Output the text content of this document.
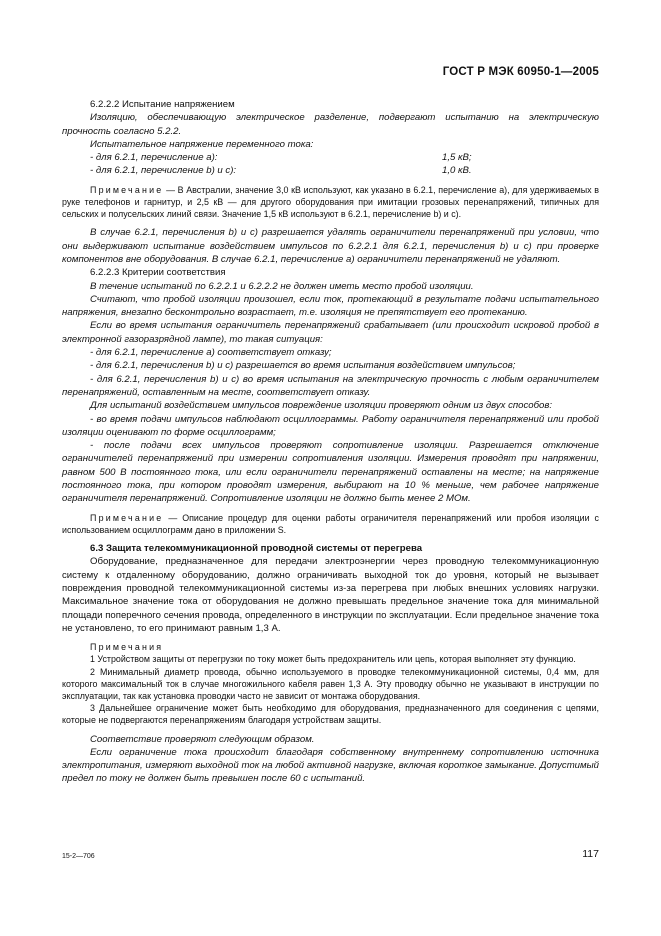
ГОСТ Р МЭК 60950-1—2005

6.2.2.2 Испытание напряжением

Изоляцию, обеспечивающую электрическое разделение, подвергают испытанию на электрическую прочность согласно 5.2.2.

Испытательное напряжение переменного тока:

- для 6.2.1, перечисление а):	1,5 кВ;
- для 6.2.1, перечисление b) и с):	1,0 кВ.

Примечание — В Австралии, значение 3,0 кВ используют, как указано в 6.2.1, перечисление а), для удерживаемых в руке телефонов и гарнитур, и 2,5 кВ — для другого оборудования при имитации грозовых перенапряжений, типичных для сельских и полусельских линий связи. Значение 1,5 кВ используют в 6.2.1, перечисление b) и с).

В случае 6.2.1, перечисления b) и с) разрешается удалять ограничители перенапряжений при условии, что они выдерживают испытание воздействием импульсов по 6.2.2.1 для 6.2.1, перечисления b) и с) при проверке компонентов вне оборудования. В случае 6.2.1, перечисление а) ограничители перенапряжений не удаляют.

6.2.2.3 Критерии соответствия

В течение испытаний по 6.2.2.1 и 6.2.2.2 не должен иметь место пробой изоляции.

Считают, что пробой изоляции произошел, если ток, протекающий в результате подачи испытательного напряжения, внезапно бесконтрольно возрастает, т.е. изоляция не препятствует его протеканию.

Если во время испытания ограничитель перенапряжений срабатывает (или происходит искровой пробой в электронной газоразрядной лампе), то такая ситуация:

- для 6.2.1, перечисление а) соответствует отказу;

- для 6.2.1, перечисления b) и с) разрешается во время испытания воздействием импульсов;

- для 6.2.1, перечисления b) и с) во время испытания на электрическую прочность с любым ограничителем перенапряжений, оставленным на месте, соответствует отказу.

Для испытаний воздействием импульсов повреждение изоляции проверяют одним из двух способов:

- во время подачи импульсов наблюдают осциллограммы. Работу ограничителя перенапряжений или пробой изоляции оценивают по форме осциллограмм;

- после подачи всех импульсов проверяют сопротивление изоляции. Разрешается отключение ограничителей перенапряжений при измерении сопротивления изоляции. Измерения проводят при напряжении, равном 500 В постоянного тока, или если ограничители перенапряжений оставлены на месте; на напряжение постоянного тока, при котором проводят измерения, выбирают на 10 % меньше, чем рабочее напряжение ограничителя перенапряжений. Сопротивление изоляции не должно быть менее 2 МОм.

Примечание — Описание процедур для оценки работы ограничителя перенапряжений или пробоя изоляции с использованием осциллограмм дано в приложении S.

6.3 Защита телекоммуникационной проводной системы от перегрева

Оборудование, предназначенное для передачи электроэнергии через проводную телекоммуникационную систему к отдаленному оборудованию, должно ограничивать выходной ток до уровня, который не вызывает повреждения проводной телекоммуникационной системы из-за перегрева при любых внешних условиях нагрузки. Максимальное значение тока от оборудования не должно превышать предельное значение тока для минимальной площади поперечного сечения провода, определенного в инструкции по эксплуатации. Если предельное значение тока не установлено, то его принимают равным 1,3 А.

Примечания

1 Устройством защиты от перегрузки по току может быть предохранитель или цепь, которая выполняет эту функцию.

2 Минимальный диаметр провода, обычно используемого в проводке телекоммуникационной системы, 0,4 мм, для которого максимальный ток в случае многожильного кабеля равен 1,3 А. Эту проводку обычно не указывают в инструкции по эксплуатации, так как установка проводки часто не зависит от монтажа оборудования.

3 Дальнейшее ограничение может быть необходимо для оборудования, предназначенного для соединения с цепями, которые не подвергаются перенапряжениям благодаря устройствам защиты.

Соответствие проверяют следующим образом.

Если ограничение тока происходит благодаря собственному внутреннему сопротивлению источника электропитания, измеряют выходной ток на любой активной нагрузке, включая короткое замыкание. Допустимый предел по току не должен быть превышен после 60 с испытаний.

15-2—706	117
